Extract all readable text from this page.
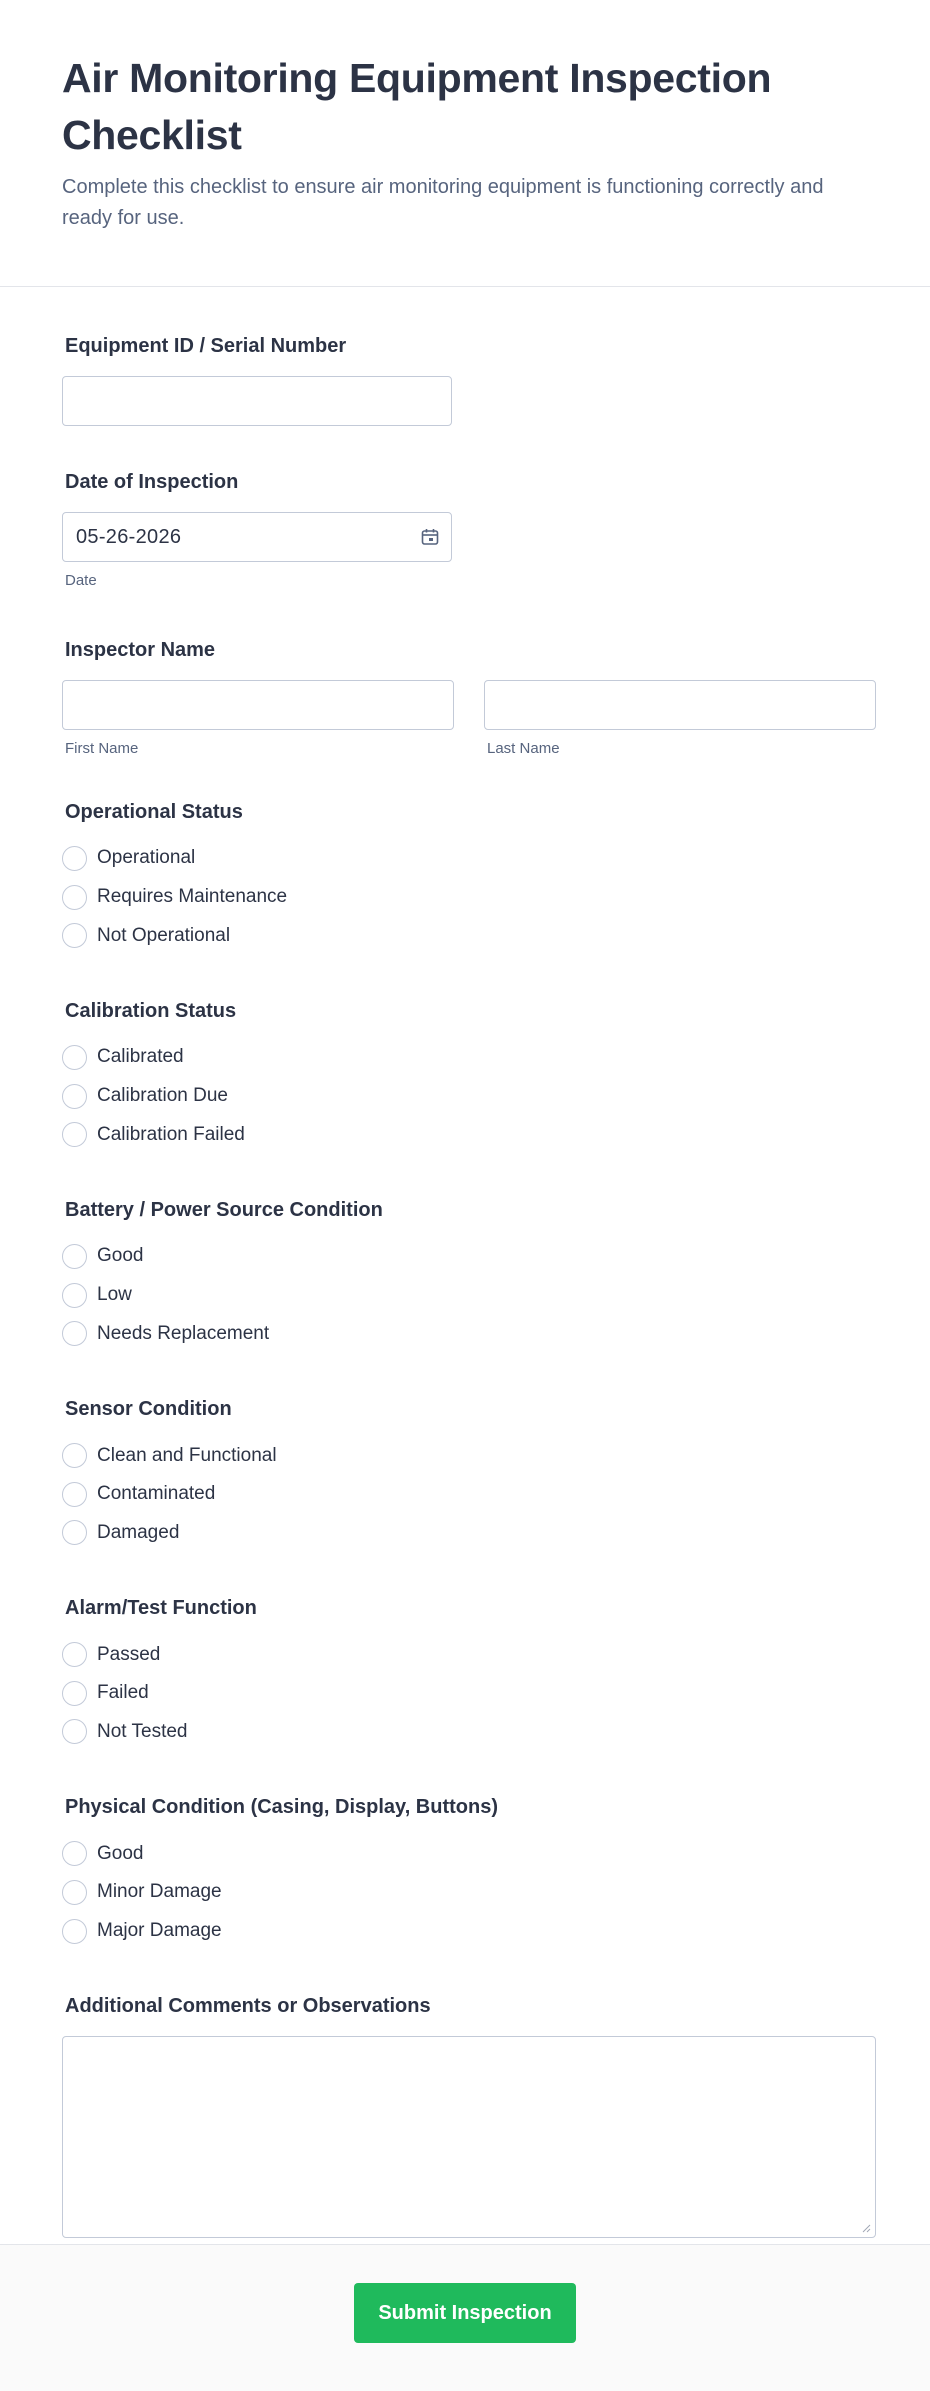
Air Monitoring Equipment Inspection Checklist

Complete this checklist to ensure air monitoring equipment is functioning correctly and ready for use.

Equipment ID / Serial Number
Date of Inspection
05-26-2026
Date
Inspector Name
First Name	Last Name
Operational Status
Operational
Requires Maintenance
Not Operational
Calibration Status
Calibrated
Calibration Due
Calibration Failed
Battery / Power Source Condition
Good
Low
Needs Replacement
Sensor Condition
Clean and Functional
Contaminated
Damaged
Alarm/Test Function
Passed
Failed
Not Tested
Physical Condition (Casing, Display, Buttons)
Good
Minor Damage
Major Damage
Additional Comments or Observations
Submit Inspection
